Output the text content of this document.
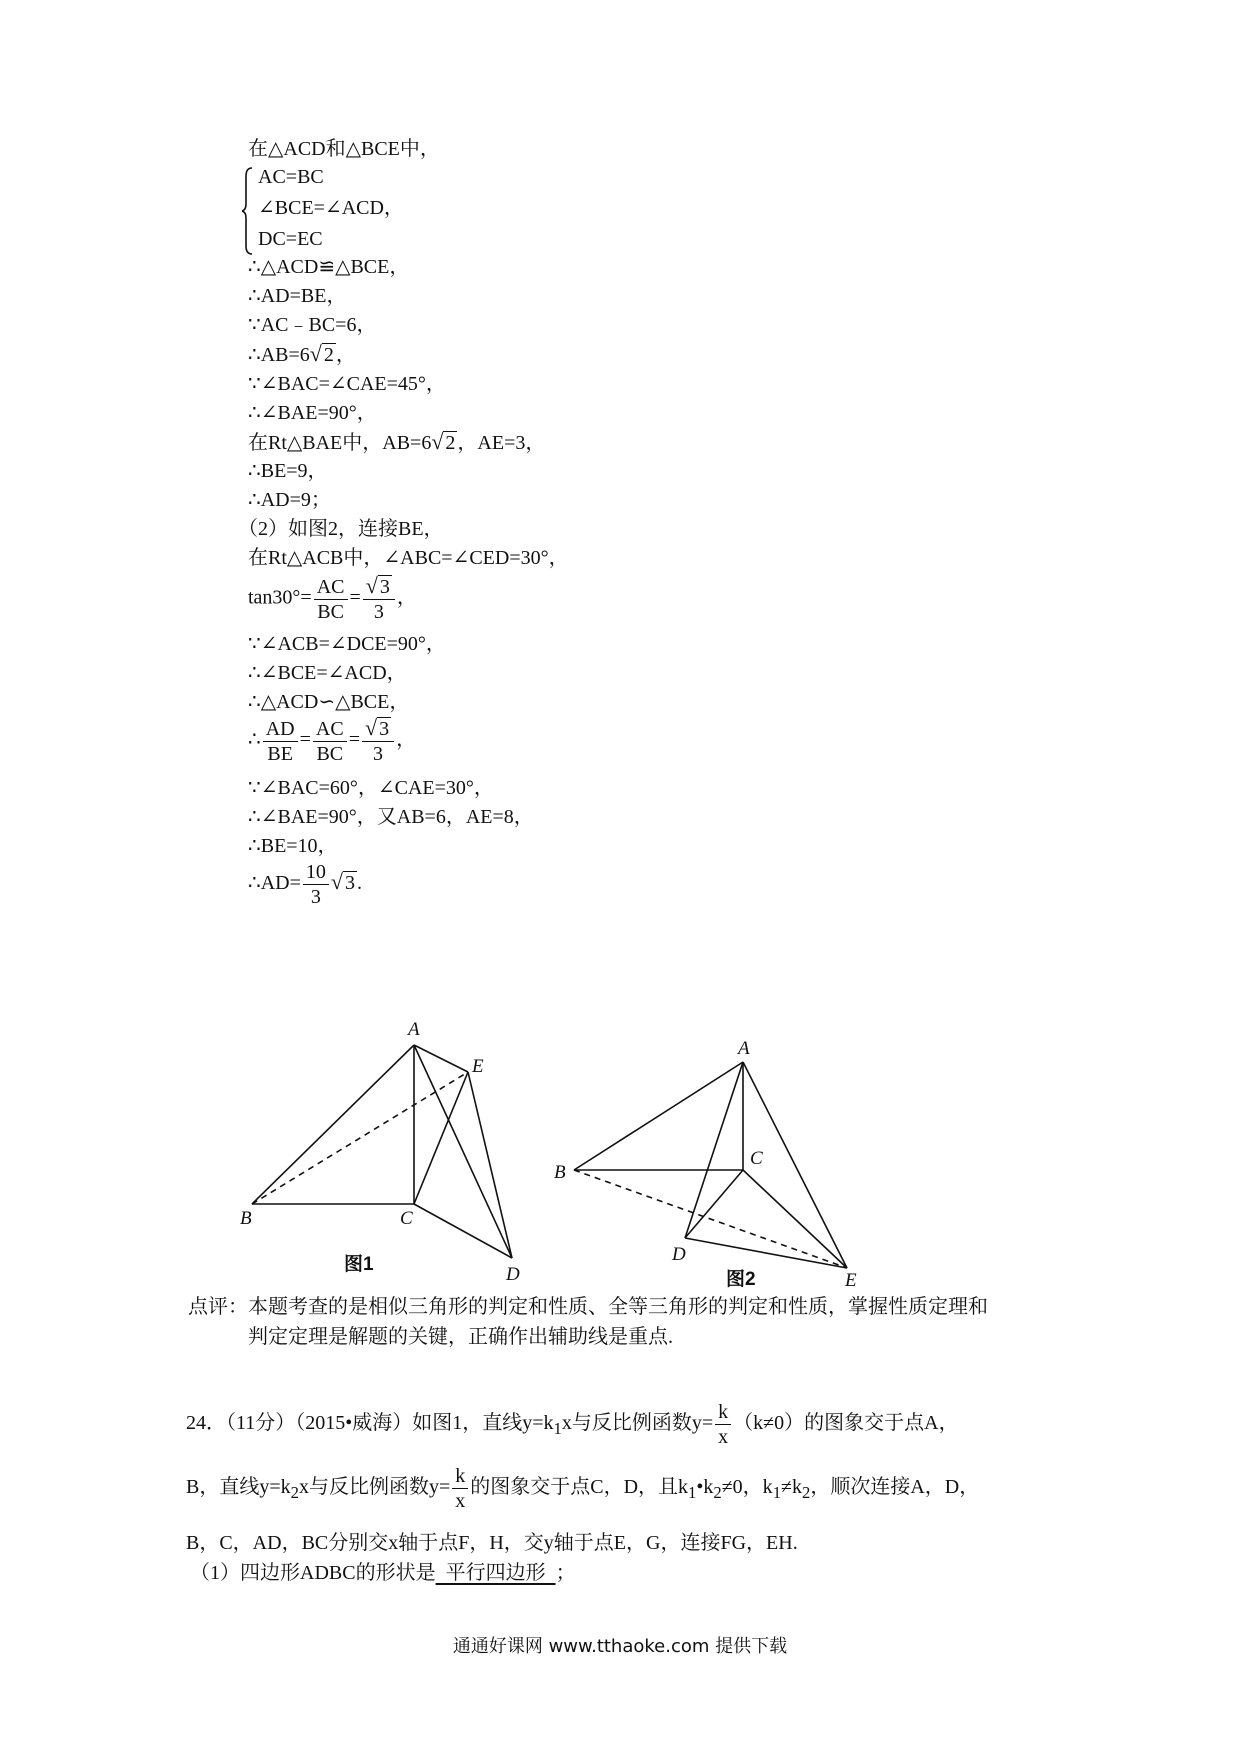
在△ACD和△BCE中，
AC=BC
∠BCE=∠ACD，
DC=EC
∴△ACD≌△BCE，
∴AD=BE，
∵AC﹣BC=6，
∴AB=6√ 2 ，
∵∠BAC=∠CAE=45°，
∴∠BAE=90°，
在Rt△BAE中，AB=6√ 2 ，AE=3，
∴BE=9，
∴AD=9；
（2）如图2，连接BE，
在Rt△ACB中，∠ABC=∠CED=30°，
$\tan 30^\circ= \frac{AC}{BC} = \frac{√ 3}{3}$ ，
∵∠ACB=∠DCE=90°，
∴∠BCE=∠ACD，
∴△ACD∽△BCE，
∴ $\frac{AD}{BE} = \frac{AC}{BC} = \frac{√ 3}{3}$ ，
∵∠BAC=60°，∠CAE=30°，
∴∠BAE=90°，又AB=6，AE=8，
∴BE=10，
∴AD= $\frac{10}{3}$ √ 3 .
A
B	C
D
E
图1
A
B
C
D
E
图2
点评：本题考查的是相似三角形的判定和性质、全等三角形的判定和性质，掌握性质定理和
判定定理是解题的关键，正确作出辅助线是重点.
24．（11分）（2015•威海）如图1，直线$y=k_1x$与反比例函数$y= \frac{k}{x} (k\ne 0)$的图象交于点A，
B，直线$y=k_2x$与反比例函数$y= \frac{k}{x}$ 的图象交于点C，D，且$k_1•k_2\ne 0$，$k_1\ne k_2$，顺次连接A，D，
B，C，AD，BC分别交x轴于点F，H，交y轴于点E，G，连接FG，EH.
（1）四边形ADBC的形状是  平行四边形  ；
通通好课网 www.tthaoke.com 提供下载
